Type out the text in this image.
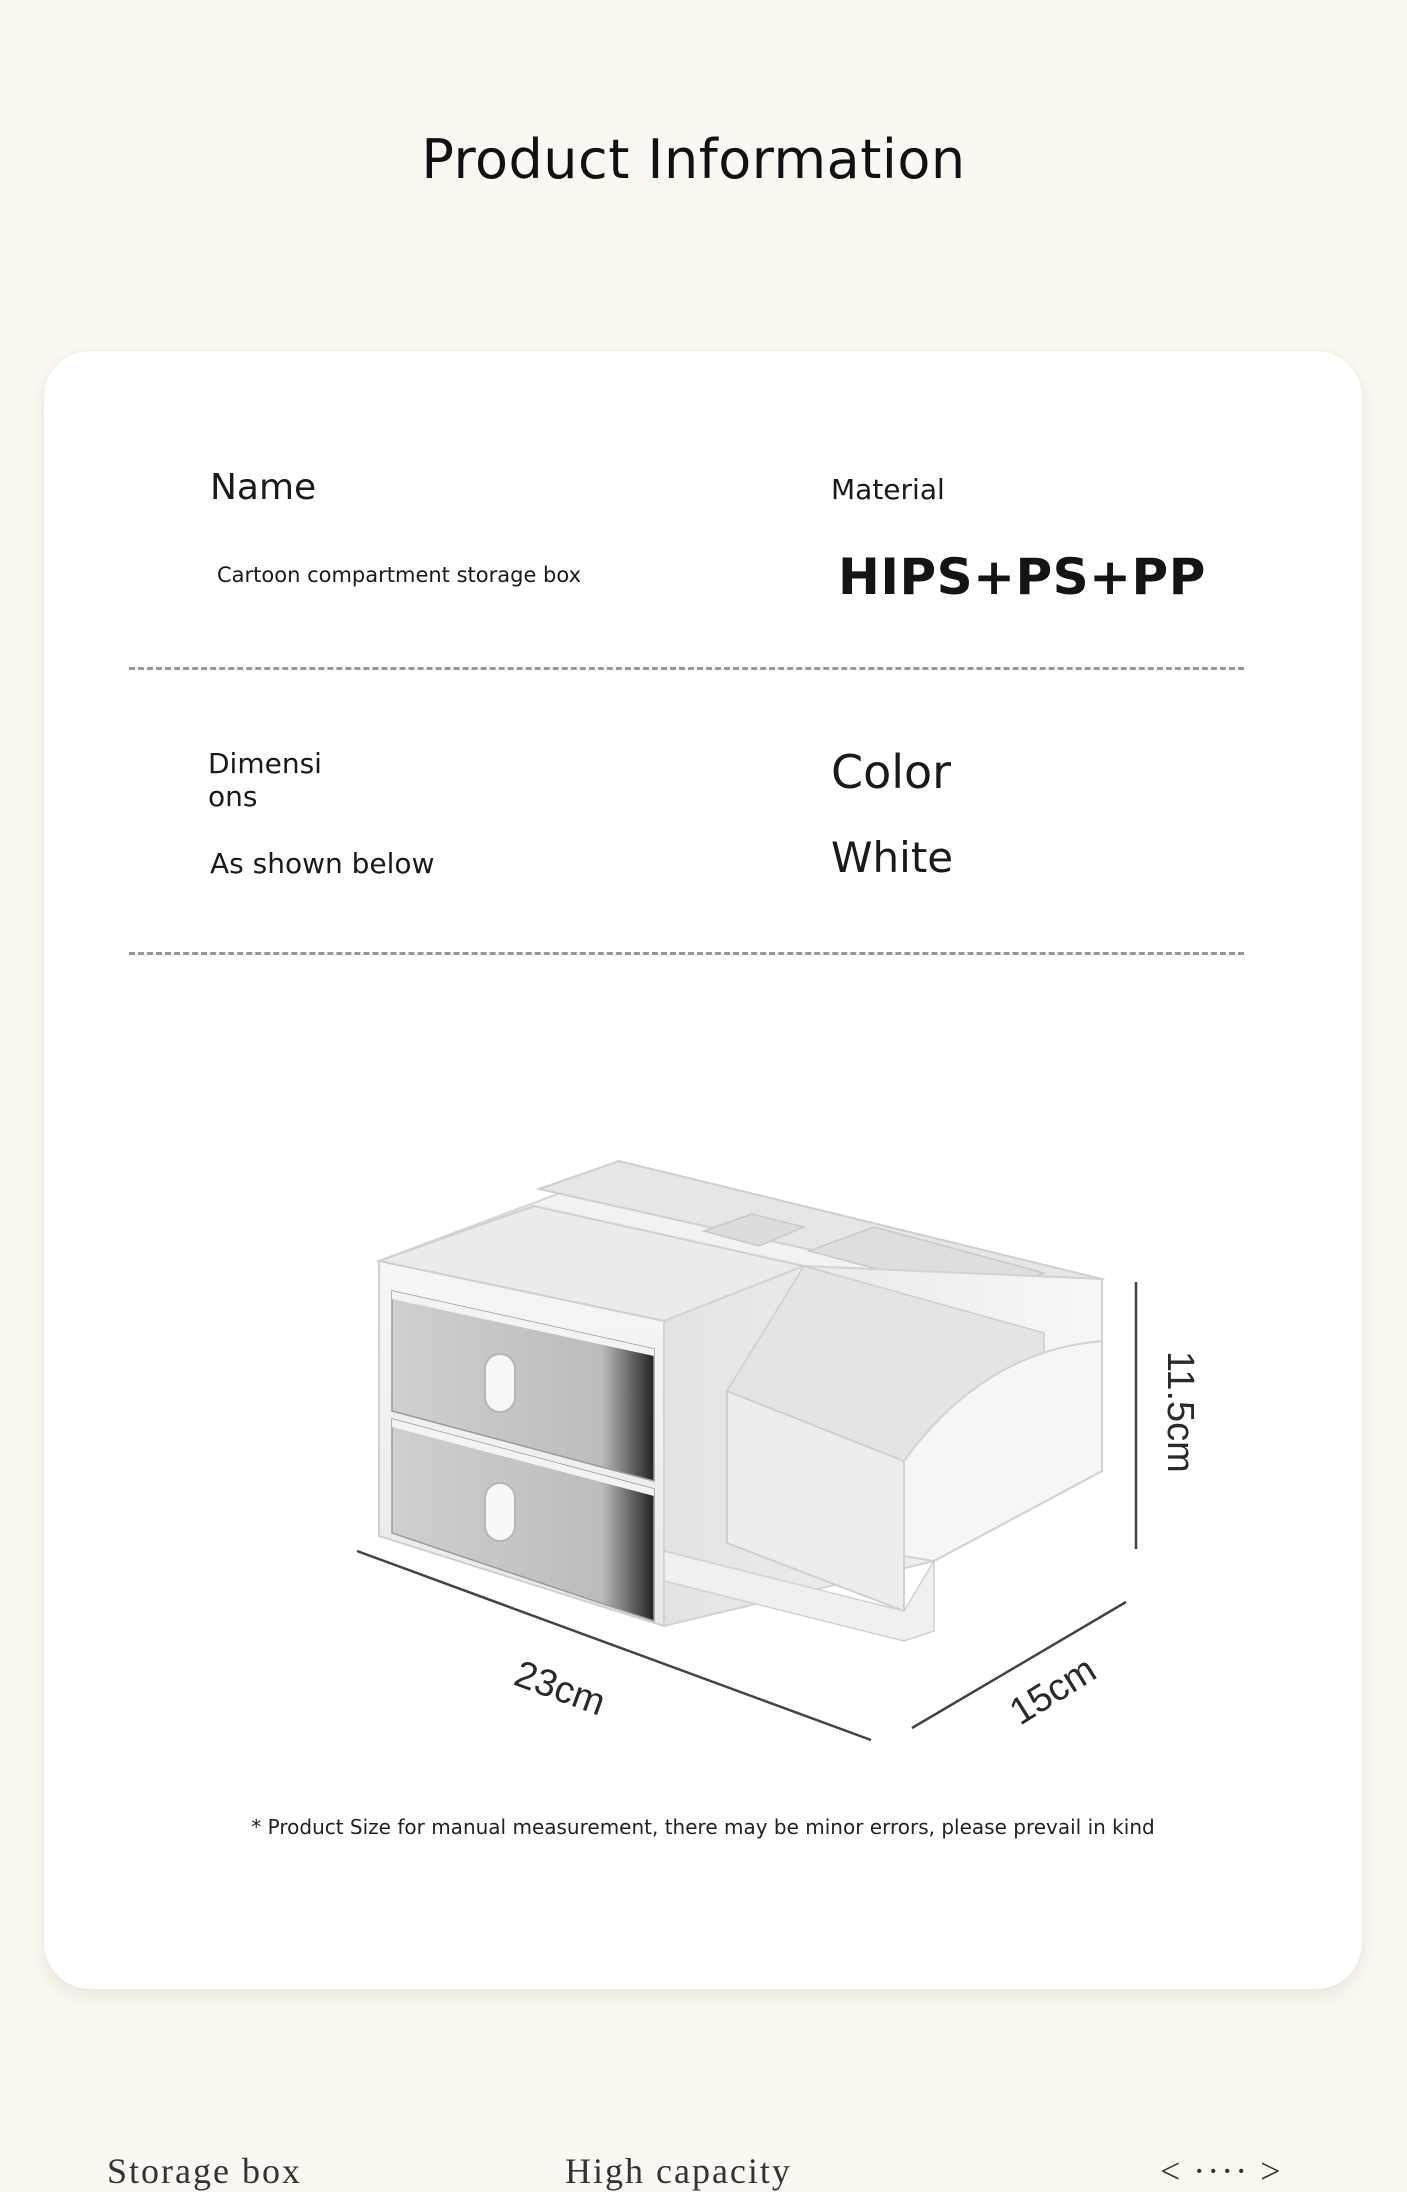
Product Information

Name

Cartoon compartment storage box

Material

HIPS+PS+PP

Dimensi
ons

As shown below

Color

White

23cm	15cm
11.5cm

* Product Size for manual measurement, there may be minor errors, please prevail in kind

Storage box	High capacity	< ···· >
